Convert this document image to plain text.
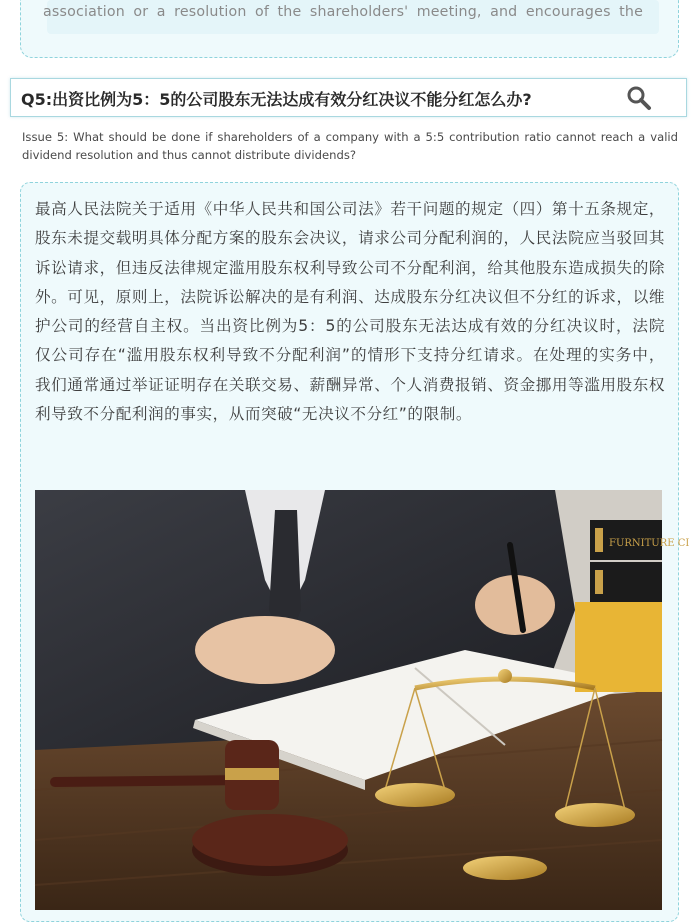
association or a resolution of the shareholders' meeting, and encourages the
Q5:出资比例为5：5的公司股东无法达成有效分红决议不能分红怎么办?
Issue 5: What should be done if shareholders of a company with a 5:5 contribution ratio cannot reach a valid dividend resolution and thus cannot distribute dividends?
最高人民法院关于适用《中华人民共和国公司法》若干问题的规定（四）第十五条规定，股东未提交载明具体分配方案的股东会决议，请求公司分配利润的，人民法院应当驳回其诉讼请求，但违反法律规定滥用股东权利导致公司不分配利润，给其他股东造成损失的除外。可见，原则上，法院诉讼解决的是有利润、达成股东分红决议但不分红的诉求，以维护公司的经营自主权。当出资比例为5：5的公司股东无法达成有效的分红决议时，法院仅公司存在“滥用股东权利导致不分配利润”的情形下支持分红请求。在处理的实务中，我们通常通过举证证明存在关联交易、薪酬异常、个人消费报销、资金挪用等滥用股东权利导致不分配利润的事实，从而突破“无决议不分红”的限制。
FURNITURE CI
